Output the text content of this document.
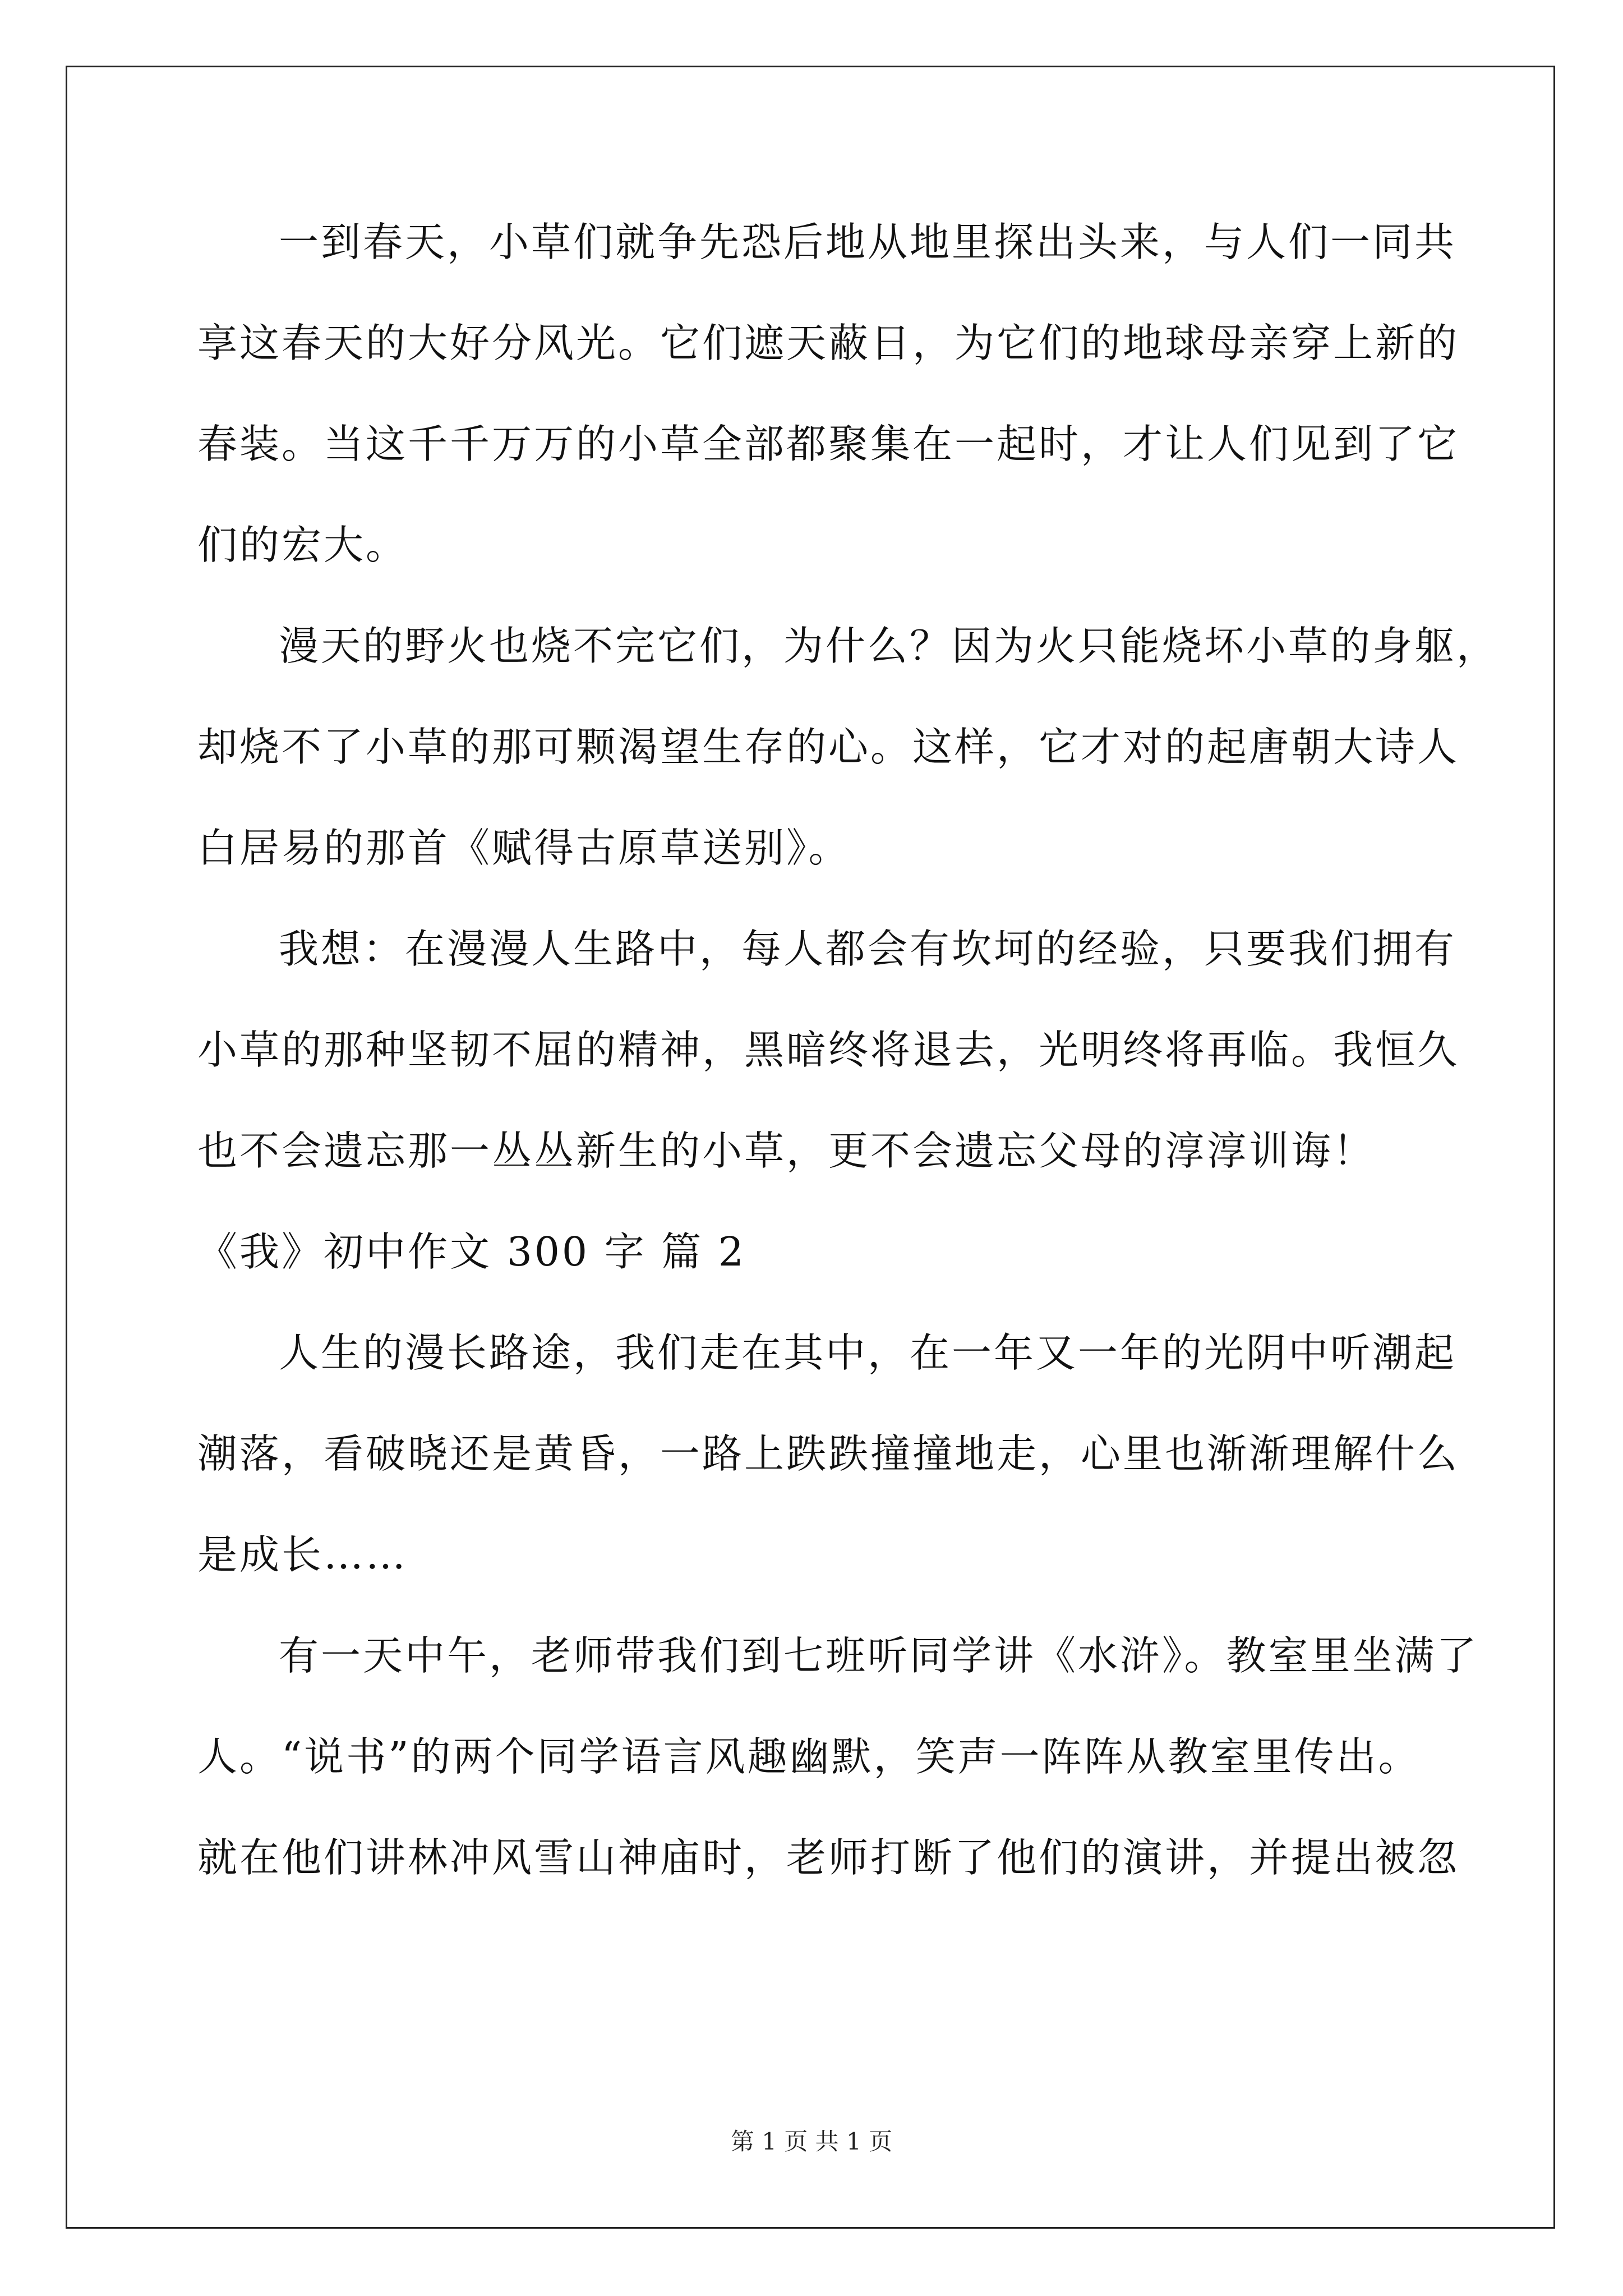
一到春天，小草们就争先恐后地从地里探出头来，与人们一同共
享这春天的大好分风光。它们遮天蔽日，为它们的地球母亲穿上新的
春装。当这千千万万的小草全部都聚集在一起时，才让人们见到了它
们的宏大。
漫天的野火也烧不完它们，为什么？因为火只能烧坏小草的身躯，
却烧不了小草的那可颗渴望生存的心。这样，它才对的起唐朝大诗人
白居易的那首《赋得古原草送别》。
我想：在漫漫人生路中，每人都会有坎坷的经验，只要我们拥有
小草的那种坚韧不屈的精神，黑暗终将退去，光明终将再临。我恒久
也不会遗忘那一丛丛新生的小草，更不会遗忘父母的淳淳训诲！
《我》初中作文 300 字 篇 2
人生的漫长路途，我们走在其中，在一年又一年的光阴中听潮起
潮落，看破晓还是黄昏，一路上跌跌撞撞地走，心里也渐渐理解什么
是成长……
有一天中午，老师带我们到七班听同学讲《水浒》。教室里坐满了
人。“说书”的两个同学语言风趣幽默，笑声一阵阵从教室里传出。
就在他们讲林冲风雪山神庙时，老师打断了他们的演讲，并提出被忽
第 1 页 共 1 页
